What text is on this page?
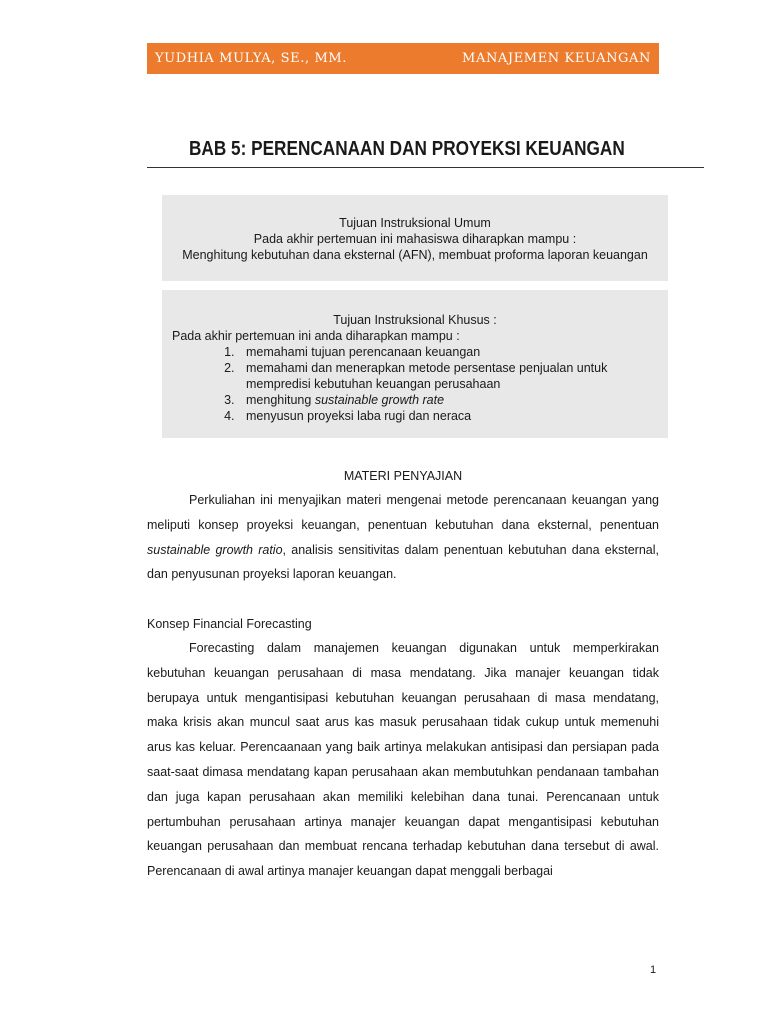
YUDHIA MULYA, SE., MM.	MANAJEMEN KEUANGAN
BAB 5: PERENCANAAN DAN PROYEKSI KEUANGAN
Tujuan Instruksional Umum
Pada akhir pertemuan ini mahasiswa diharapkan mampu :
Menghitung kebutuhan dana eksternal (AFN), membuat proforma laporan keuangan
Tujuan Instruksional Khusus :
Pada akhir pertemuan ini anda diharapkan mampu :
1. memahami tujuan perencanaan keuangan
2. memahami dan menerapkan metode persentase penjualan untuk mempredisi kebutuhan keuangan perusahaan
3. menghitung sustainable growth rate
4. menyusun proyeksi laba rugi dan neraca
MATERI PENYAJIAN

Perkuliahan ini menyajikan materi mengenai metode perencanaan keuangan yang meliputi konsep proyeksi keuangan, penentuan kebutuhan dana eksternal, penentuan sustainable growth ratio, analisis sensitivitas dalam penentuan kebutuhan dana eksternal, dan penyusunan proyeksi laporan keuangan.

Konsep Financial Forecasting

Forecasting dalam manajemen keuangan digunakan untuk memperkirakan kebutuhan keuangan perusahaan di masa mendatang. Jika manajer keuangan tidak berupaya untuk mengantisipasi kebutuhan keuangan perusahaan di masa mendatang, maka krisis akan muncul saat arus kas masuk perusahaan tidak cukup untuk memenuhi arus kas keluar. Perencaanaan yang baik artinya melakukan antisipasi dan persiapan pada saat-saat dimasa mendatang kapan perusahaan akan membutuhkan pendanaan tambahan dan juga kapan perusahaan akan memiliki kelebihan dana tunai. Perencanaan untuk pertumbuhan perusahaan artinya manajer keuangan dapat mengantisipasi kebutuhan keuangan perusahaan dan membuat rencana terhadap kebutuhan dana tersebut di awal. Perencanaan di awal artinya manajer keuangan dapat menggali berbagai

1
